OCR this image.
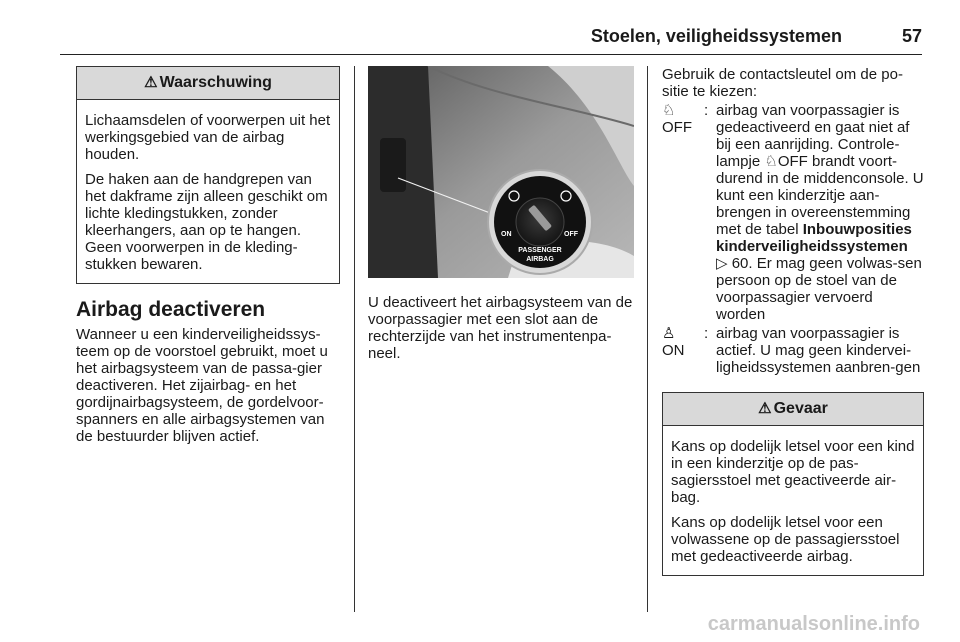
Stoelen, veiligheidssystemen	57
⚠ Waarschuwing

Lichaamsdelen of voorwerpen uit het werkingsgebied van de airbag houden.

De haken aan de handgrepen van het dakframe zijn alleen geschikt om lichte kledingstukken, zonder kleerhangers, aan op te hangen. Geen voorwerpen in de kleding-stukken bewaren.

Airbag deactiveren

Wanneer u een kinderveiligheidssys-teem op de voorstoel gebruikt, moet u het airbagsysteem van de passa-gier deactiveren. Het zijairbag- en het gordijnairbagsysteem, de gordelvoor-spanners en alle airbagsystemen van de bestuurder blijven actief.

ON	OFF
PASSENGER
AIRBAG

U deactiveert het airbagsysteem van de voorpassagier met een slot aan de rechterzijde van het instrumentenpa-neel.

Gebruik de contactsleutel om de po-sitie te kiezen:

♘
OFF
: airbag van voorpassagier is gedeactiveerd en gaat niet af bij een aanrijding. Controle-lampje ♘OFF brandt voort-durend in de middenconsole. U kunt een kinderzitje aan-brengen in overeenstemming met de tabel Inbouwposities kinderveiligheidssystemen
▷ 60. Er mag geen volwas-sen persoon op de stoel van de voorpassagier vervoerd worden
♙
ON
: airbag van voorpassagier is actief. U mag geen kindervei-ligheidssystemen aanbren-gen
⚠ Gevaar

Kans op dodelijk letsel voor een kind in een kinderzitje op de pas-sagiersstoel met geactiveerde air-bag.

Kans op dodelijk letsel voor een volwassene op de passagiersstoel met gedeactiveerde airbag.

carmanualsonline.info
